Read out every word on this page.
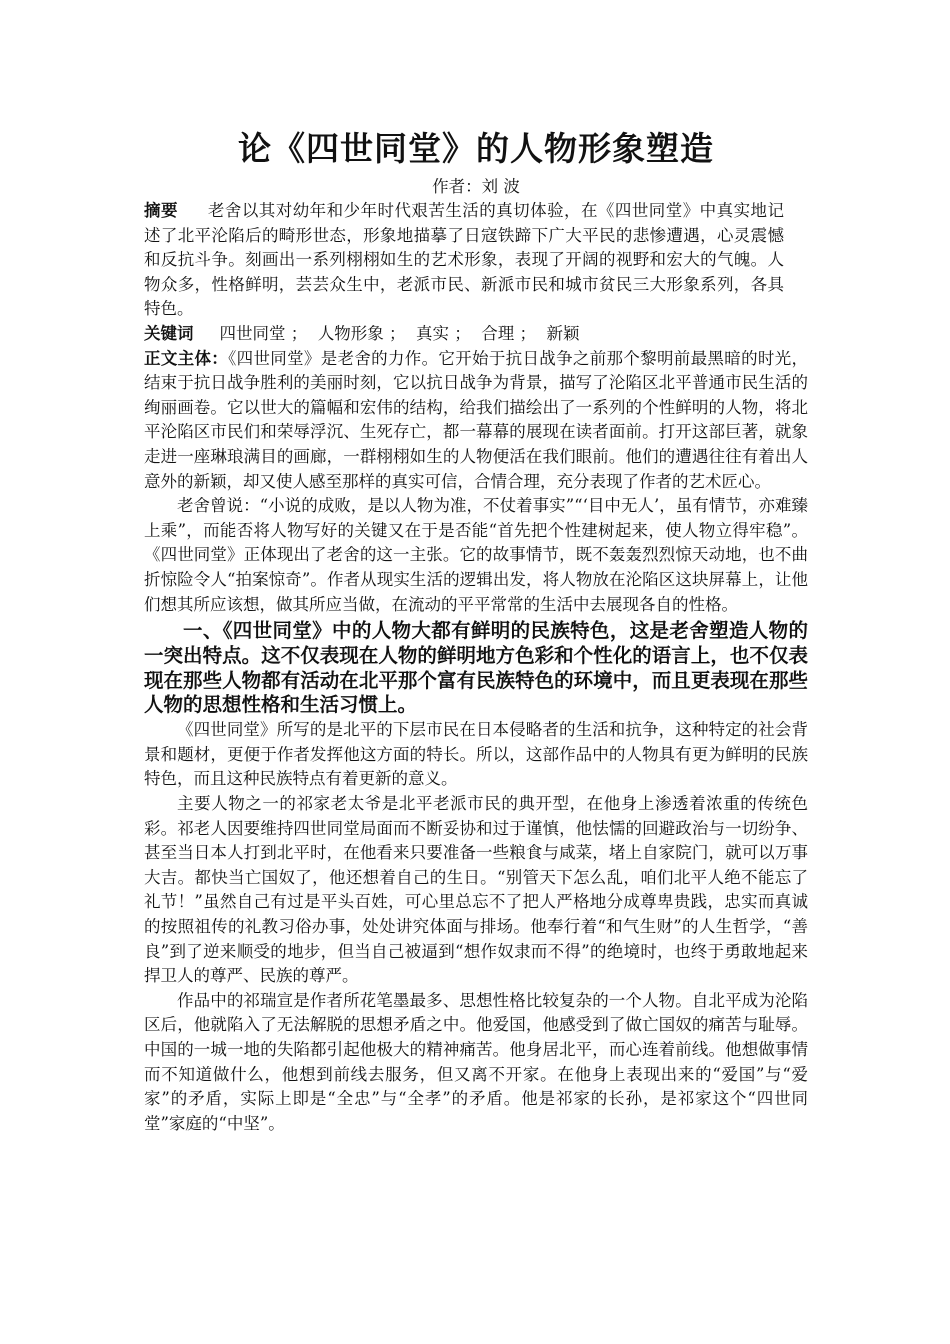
论《四世同堂》的人物形象塑造

作者：刘 波

摘要 老舍以其对幼年和少年时代艰苦生活的真切体验，在《四世同堂》中真实地记述了北平沦陷后的畸形世态，形象地描摹了日寇铁蹄下广大平民的悲惨遭遇，心灵震憾和反抗斗争。刻画出一系列栩栩如生的艺术形象，表现了开阔的视野和宏大的气魄。人物众多，性格鲜明，芸芸众生中，老派市民、新派市民和城市贫民三大形象系列，各具特色。

关键词 四世同堂 ；  人物形象 ；  真实 ；  合理 ；  新颖

正文主体：《四世同堂》是老舍的力作。它开始于抗日战争之前那个黎明前最黑暗的时光，结束于抗日战争胜利的美丽时刻，它以抗日战争为背景，描写了沦陷区北平普通市民生活的绚丽画卷。它以世大的篇幅和宏伟的结构，给我们描绘出了一系列的个性鲜明的人物，将北平沦陷区市民们和荣辱浮沉、生死存亡，都一幕幕的展现在读者面前。打开这部巨著，就象走进一座琳琅满目的画廊，一群栩栩如生的人物便活在我们眼前。他们的遭遇往往有着出人意外的新颖，却又使人感至那样的真实可信，合情合理，充分表现了作者的艺术匠心。

老舍曾说：“小说的成败，是以人物为准，不仗着事实”“‘目中无人’，虽有情节，亦难臻上乘”，而能否将人物写好的关键又在于是否能“首先把个性建树起来，使人物立得牢稳”。《四世同堂》正体现出了老舍的这一主张。它的故事情节，既不轰轰烈烈惊天动地，也不曲折惊险令人“拍案惊奇”。作者从现实生活的逻辑出发，将人物放在沦陷区这块屏幕上，让他们想其所应该想，做其所应当做，在流动的平平常常的生活中去展现各自的性格。

一、《四世同堂》中的人物大都有鲜明的民族特色，这是老舍塑造人物的一突出特点。这不仅表现在人物的鲜明地方色彩和个性化的语言上，也不仅表现在那些人物都有活动在北平那个富有民族特色的环境中，而且更表现在那些人物的思想性格和生活习惯上。

《四世同堂》所写的是北平的下层市民在日本侵略者的生活和抗争，这种特定的社会背景和题材，更便于作者发挥他这方面的特长。所以，这部作品中的人物具有更为鲜明的民族特色，而且这种民族特点有着更新的意义。

主要人物之一的祁家老太爷是北平老派市民的典开型，在他身上渗透着浓重的传统色彩。祁老人因要维持四世同堂局面而不断妥协和过于谨慎，他怯懦的回避政治与一切纷争、甚至当日本人打到北平时，在他看来只要准备一些粮食与咸菜，堵上自家院门，就可以万事大吉。都快当亡国奴了，他还想着自己的生日。“别管天下怎么乱，咱们北平人绝不能忘了礼节！”虽然自己有过是平头百姓，可心里总忘不了把人严格地分成尊卑贵践，忠实而真诚的按照祖传的礼教习俗办事，处处讲究体面与排场。他奉行着“和气生财”的人生哲学，“善良”到了逆来顺受的地步，但当自己被逼到“想作奴隶而不得”的绝境时，也终于勇敢地起来捍卫人的尊严、民族的尊严。

作品中的祁瑞宣是作者所花笔墨最多、思想性格比较复杂的一个人物。自北平成为沦陷区后，他就陷入了无法解脱的思想矛盾之中。他爱国，他感受到了做亡国奴的痛苦与耻辱。中国的一城一地的失陷都引起他极大的精神痛苦。他身居北平，而心连着前线。他想做事情而不知道做什么，他想到前线去服务，但又离不开家。在他身上表现出来的“爱国”与“爱家”的矛盾，实际上即是“全忠”与“全孝”的矛盾。他是祁家的长孙，是祁家这个“四世同堂”家庭的“中坚”。
